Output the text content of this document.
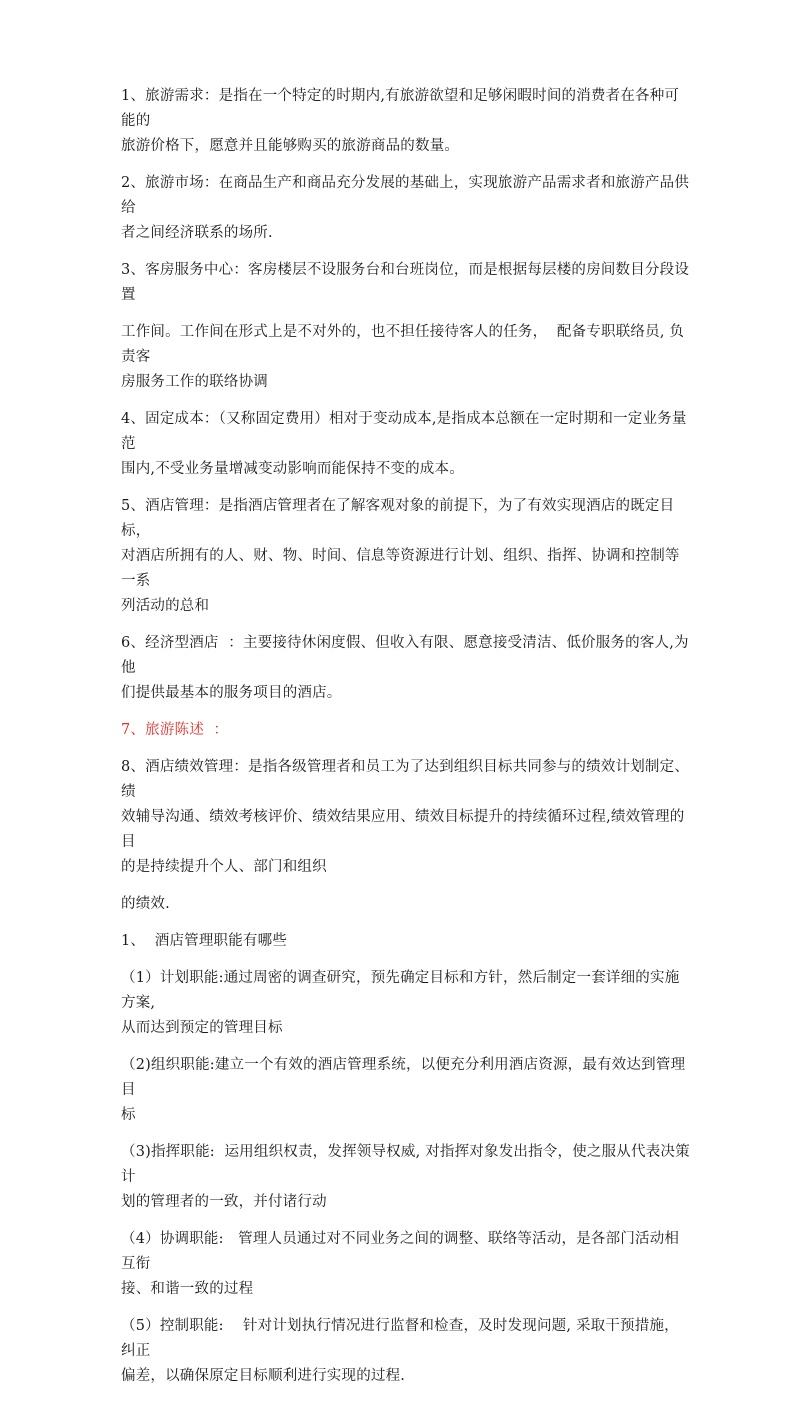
1、旅游需求：是指在一个特定的时期内,有旅游欲望和足够闲暇时间的消费者在各种可能的
旅游价格下，愿意并且能够购买的旅游商品的数量。
2、旅游市场：在商品生产和商品充分发展的基础上，实现旅游产品需求者和旅游产品供给
者之间经济联系的场所.
3、客房服务中心：客房楼层不设服务台和台班岗位，而是根据每层楼的房间数目分段设置
工作间。工作间在形式上是不对外的，也不担任接待客人的任务，  配备专职联络员, 负责客
房服务工作的联络协调
4、固定成本：（又称固定费用）相对于变动成本,是指成本总额在一定时期和一定业务量范
围内,不受业务量增减变动影响而能保持不变的成本。
5、酒店管理：是指酒店管理者在了解客观对象的前提下，为了有效实现酒店的既定目标，
对酒店所拥有的人、财、物、时间、信息等资源进行计划、组织、指挥、协调和控制等一系
列活动的总和
6、经济型酒店  ：主要接待休闲度假、但收入有限、愿意接受清洁、低价服务的客人,为他
们提供最基本的服务项目的酒店。
7、旅游陈述  ：
8、酒店绩效管理：是指各级管理者和员工为了达到组织目标共同参与的绩效计划制定、绩
效辅导沟通、绩效考核评价、绩效结果应用、绩效目标提升的持续循环过程,绩效管理的目
的是持续提升个人、部门和组织
的绩效.
1、  酒店管理职能有哪些
（1）计划职能:通过周密的调查研究，预先确定目标和方针，然后制定一套详细的实施方案,
从而达到预定的管理目标
（2)组织职能:建立一个有效的酒店管理系统，以便充分利用酒店资源，最有效达到管理目
标
（3)指挥职能:  运用组织权责，发挥领导权威, 对指挥对象发出指令，使之服从代表决策计
划的管理者的一致，并付诸行动
（4）协调职能:   管理人员通过对不同业务之间的调整、联络等活动，是各部门活动相互衔
接、和谐一致的过程
（5）控制职能:    针对计划执行情况进行监督和检查，及时发现问题, 采取干预措施，纠正
偏差，以确保原定目标顺利进行实现的过程.
